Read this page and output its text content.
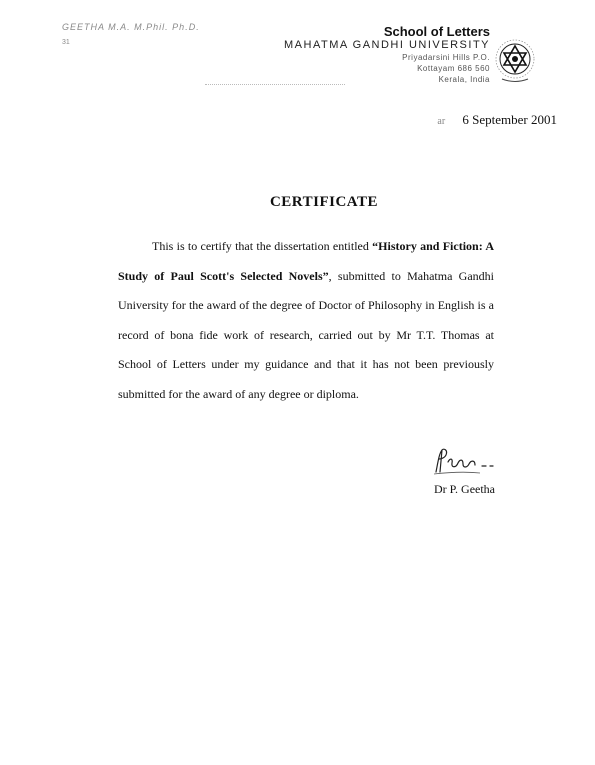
GEETHA M.A. M.Phil. Ph.D.
31
School of Letters
MAHATMA GANDHI UNIVERSITY
Priyadarsini Hills P.O.
Kottayam 686 560
Kerala, India
ar 6 September 2001
CERTIFICATE
This is to certify that the dissertation entitled “History and Fiction: A Study of Paul Scott's Selected Novels”, submitted to Mahatma Gandhi University for the award of the degree of Doctor of Philosophy in English is a record of bona fide work of research, carried out by Mr T.T. Thomas at School of Letters under my guidance and that it has not been previously submitted for the award of any degree or diploma.
Dr P. Geetha
